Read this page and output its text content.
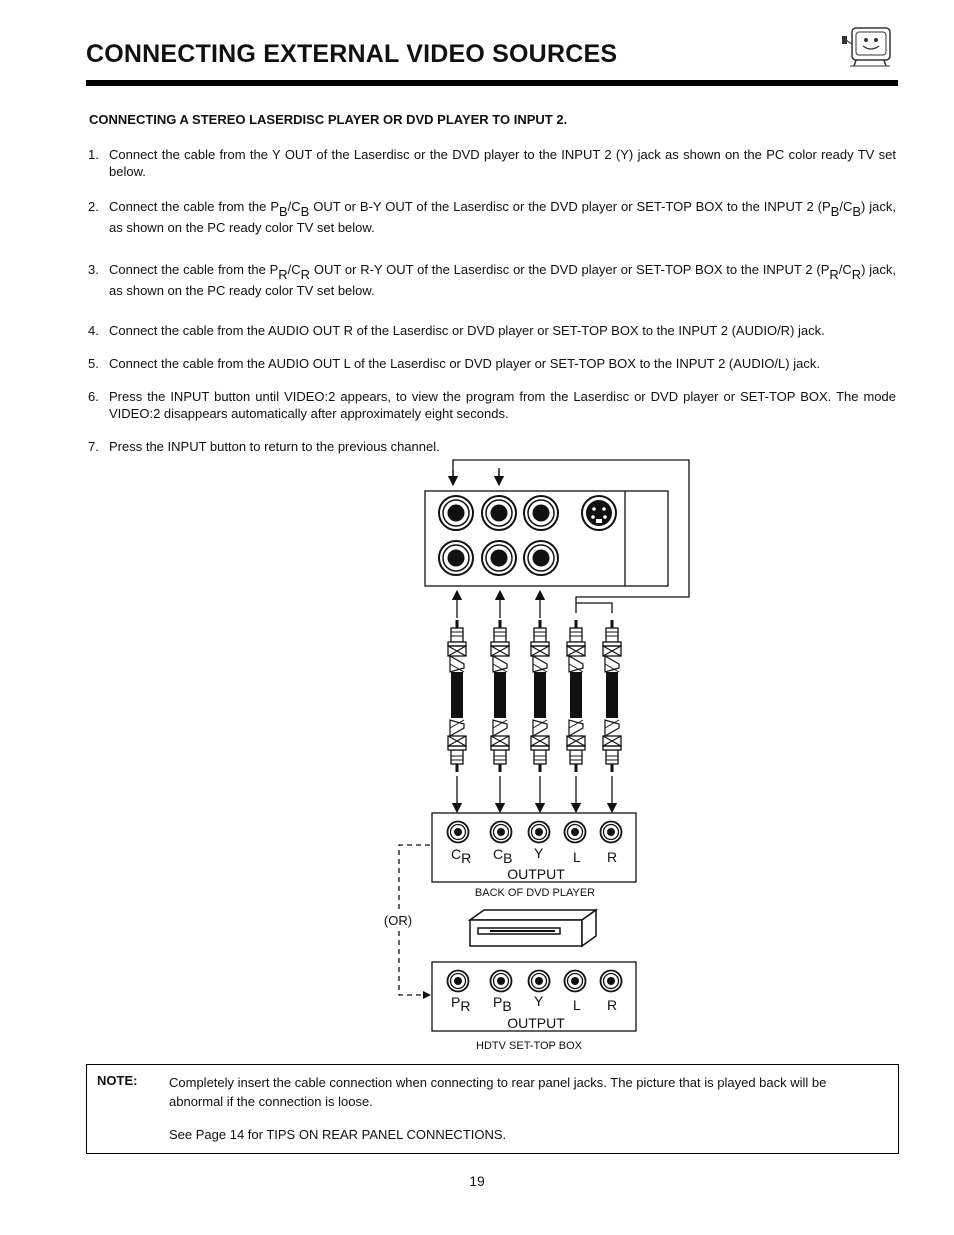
CONNECTING EXTERNAL VIDEO SOURCES
CONNECTING A STEREO LASERDISC PLAYER OR DVD PLAYER TO INPUT 2.
1. Connect the cable from the Y OUT of the Laserdisc or the DVD player to the INPUT 2 (Y) jack as shown on the PC color ready TV set below.
2. Connect the cable from the $P_B/C_B$ OUT or B-Y OUT of the Laserdisc or the DVD player or SET-TOP BOX to the INPUT 2 $(P_B/C_B)$ jack, as shown on the PC ready color TV set below.
3. Connect the cable from the $P_R/C_R$ OUT or R-Y OUT of the Laserdisc or the DVD player or SET-TOP BOX to the INPUT 2 $(P_R/C_R)$ jack, as shown on the PC ready color TV set below.
4. Connect the cable from the AUDIO OUT R of the Laserdisc or DVD player or SET-TOP BOX to the INPUT 2 (AUDIO/R) jack.
5. Connect the cable from the AUDIO OUT L of the Laserdisc or DVD player or SET-TOP BOX to the INPUT 2 (AUDIO/L) jack.
6. Press the INPUT button until VIDEO:2 appears, to view the program from the Laserdisc or DVD player or SET-TOP BOX. The mode VIDEO:2 disappears automatically after approximately eight seconds.
7. Press the INPUT button to return to the previous channel.
CR CB Y L R
OUTPUT
BACK OF DVD PLAYER
(OR)
PR PB Y L R
OUTPUT
HDTV SET-TOP BOX
NOTE: Completely insert the cable connection when connecting to rear panel jacks. The picture that is played back will be abnormal if the connection is loose.
See Page 14 for TIPS ON REAR PANEL CONNECTIONS.
19
